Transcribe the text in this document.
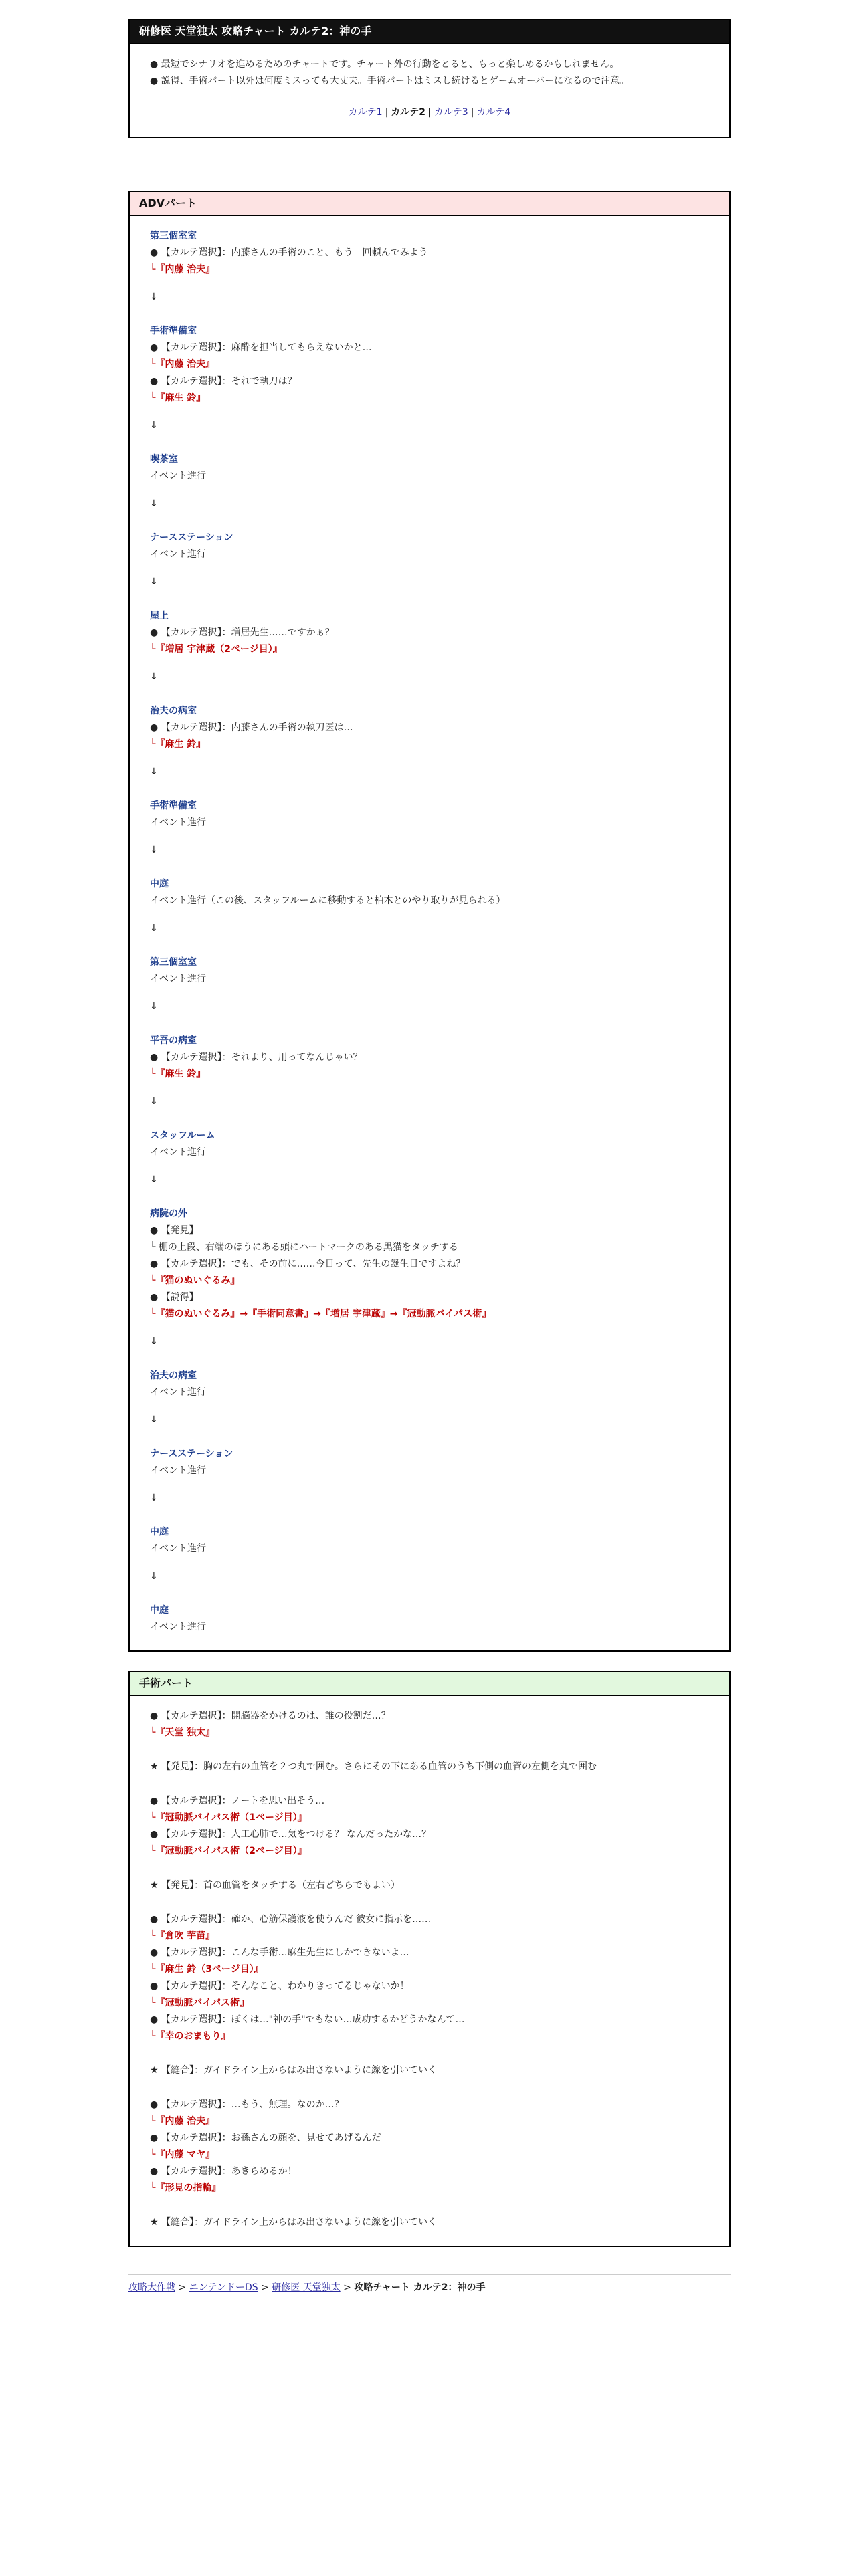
研修医 天堂独太 攻略チャート カルテ2：神の手

● 最短でシナリオを進めるためのチャートです。チャート外の行動をとると、もっと楽しめるかもしれません。

● 説得、手術パート以外は何度ミスっても大丈夫。手術パートはミスし続けるとゲームオーバーになるので注意。

カルテ1 | カルテ2 | カルテ3 | カルテ4
ADVパート
第三個室室
● 【カルテ選択】：内藤さんの手術のこと、もう一回頼んでみよう
└『内藤 治夫』
↓
手術準備室
● 【カルテ選択】：麻酔を担当してもらえないかと…
└『内藤 治夫』
● 【カルテ選択】：それで執刀は？
└『麻生 鈴』
↓
喫茶室
イベント進行
↓
ナースステーション
イベント進行
↓
屋上
● 【カルテ選択】：増居先生……ですかぁ？
└『増居 宇津蔵（2ページ目）』
↓
治夫の病室
● 【カルテ選択】：内藤さんの手術の執刀医は…
└『麻生 鈴』
↓
手術準備室
イベント進行
↓
中庭
イベント進行（この後、スタッフルームに移動すると柏木とのやり取りが見られる）
↓
第三個室室
イベント進行
↓
平吾の病室
● 【カルテ選択】：それより、用ってなんじゃい？
└『麻生 鈴』
↓
スタッフルーム
イベント進行
↓
病院の外
● 【発見】
└ 棚の上段、右端のほうにある頭にハートマークのある黒猫をタッチする
● 【カルテ選択】：でも、その前に……今日って、先生の誕生日ですよね？
└『猫のぬいぐるみ』
● 【説得】
└『猫のぬいぐるみ』→『手術同意書』→『増居 宇津蔵』→『冠動脈バイパス術』
↓
治夫の病室
イベント進行
↓
ナースステーション
イベント進行
↓
中庭
イベント進行
↓
中庭
イベント進行
手術パート
● 【カルテ選択】：開脳器をかけるのは、誰の役割だ…？
└『天堂 独太』
★ 【発見】：胸の左右の血管を２つ丸で囲む。さらにその下にある血管のうち下側の血管の左側を丸で囲む
● 【カルテ選択】：ノートを思い出そう…
└『冠動脈バイパス術（1ページ目）』
● 【カルテ選択】：人工心肺で…気をつける？ なんだったかな…？
└『冠動脈バイパス術（2ページ目）』
★ 【発見】：首の血管をタッチする（左右どちらでもよい）
● 【カルテ選択】：確か、心筋保護液を使うんだ 彼女に指示を……
└『倉吹 芋苗』
● 【カルテ選択】：こんな手術…麻生先生にしかできないよ…
└『麻生 鈴（3ページ目）』
● 【カルテ選択】：そんなこと、わかりきってるじゃないか！
└『冠動脈バイパス術』
● 【カルテ選択】：ぼくは…"神の手"でもない…成功するかどうかなんて…
└『幸のおまもり』
★ 【縫合】：ガイドライン上からはみ出さないように線を引いていく
● 【カルテ選択】：…もう、無理。なのか…？
└『内藤 治夫』
● 【カルテ選択】：お孫さんの顔を、見せてあげるんだ
└『内藤 マヤ』
● 【カルテ選択】：あきらめるか！
└『形見の指輪』
★ 【縫合】：ガイドライン上からはみ出さないように線を引いていく
攻略大作戦 > ニンテンドーDS > 研修医 天堂独太 > 攻略チャート カルテ2：神の手
